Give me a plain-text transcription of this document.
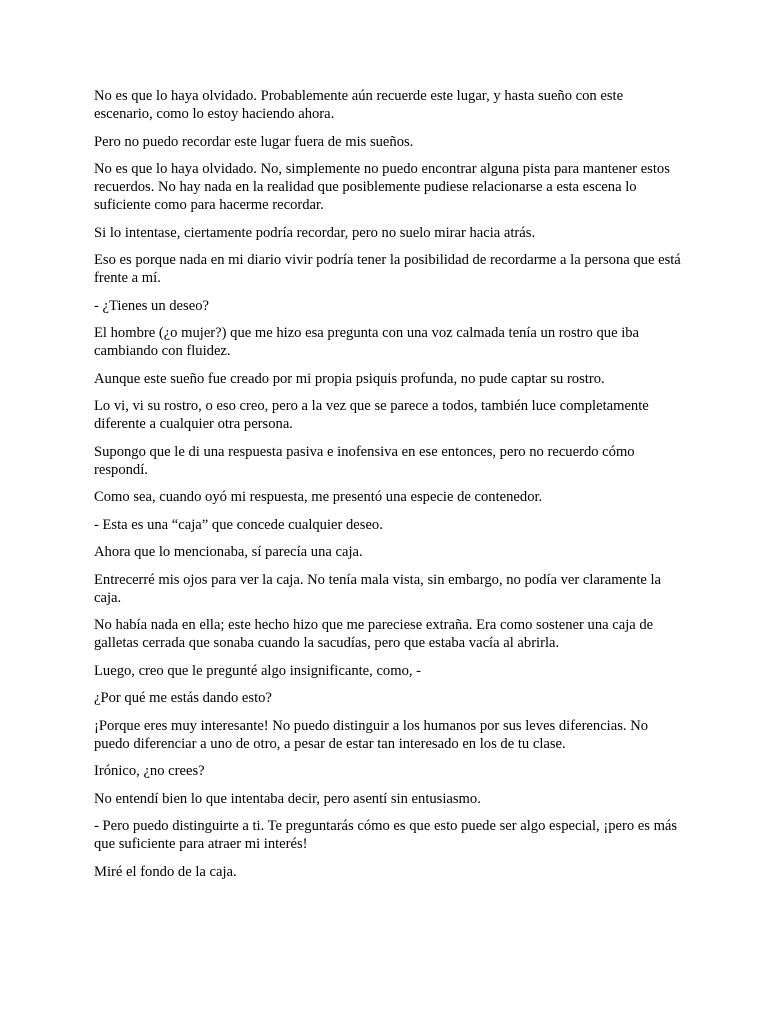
No es que lo haya olvidado. Probablemente aún recuerde este lugar, y hasta sueño con este escenario, como lo estoy haciendo ahora.

Pero no puedo recordar este lugar fuera de mis sueños.

No es que lo haya olvidado. No, simplemente no puedo encontrar alguna pista para mantener estos recuerdos. No hay nada en la realidad que posiblemente pudiese relacionarse a esta escena lo suficiente como para hacerme recordar.

Si lo intentase, ciertamente podría recordar, pero no suelo mirar hacia atrás.

Eso es porque nada en mi diario vivir podría tener la posibilidad de recordarme a la persona que está frente a mí.

- ¿Tienes un deseo?

El hombre (¿o mujer?) que me hizo esa pregunta con una voz calmada tenía un rostro que iba cambiando con fluidez.

Aunque este sueño fue creado por mi propia psiquis profunda, no pude captar su rostro.

Lo vi, vi su rostro, o eso creo, pero a la vez que se parece a todos, también luce completamente diferente a cualquier otra persona.

Supongo que le di una respuesta pasiva e inofensiva en ese entonces, pero no recuerdo cómo respondí.

Como sea, cuando oyó mi respuesta, me presentó una especie de contenedor.

- Esta es una “caja” que concede cualquier deseo.

Ahora que lo mencionaba, sí parecía una caja.

Entrecerré mis ojos para ver la caja. No tenía mala vista, sin embargo, no podía ver claramente la caja.

No había nada en ella; este hecho hizo que me pareciese extraña. Era como sostener una caja de galletas cerrada que sonaba cuando la sacudías, pero que estaba vacía al abrirla.

Luego, creo que le pregunté algo insignificante, como, -

¿Por qué me estás dando esto?

¡Porque eres muy interesante! No puedo distinguir a los humanos por sus leves diferencias. No puedo diferenciar a uno de otro, a pesar de estar tan interesado en los de tu clase.

Irónico, ¿no crees?

No entendí bien lo que intentaba decir, pero asentí sin entusiasmo.

- Pero puedo distinguirte a ti. Te preguntarás cómo es que esto puede ser algo especial, ¡pero es más que suficiente para atraer mi interés!

Miré el fondo de la caja.
